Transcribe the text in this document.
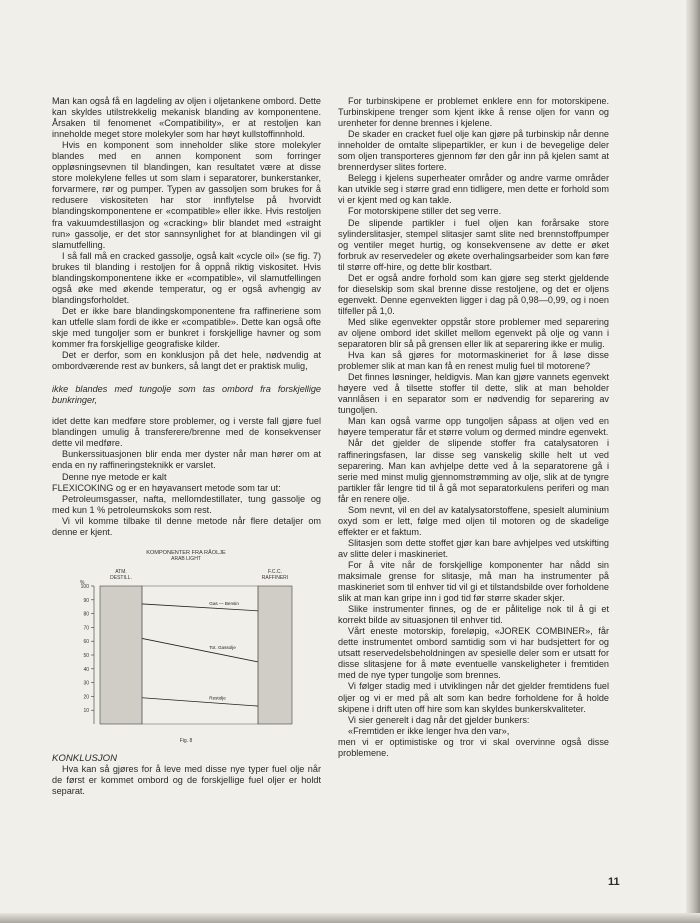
Man kan også få en lagdeling av oljen i oljetankene ombord. Dette kan skyldes utilstrekkelig mekanisk blanding av komponentene. Årsaken til fenomenet «Compatibility», er at restoljen kan inneholde meget store molekyler som har høyt kullstoffinnhold.

Hvis en komponent som inneholder slike store molekyler blandes med en annen komponent som forringer oppløsningsevnen til blandingen, kan resultatet være at disse store molekylene felles ut som slam i separatorer, bunkerstanker, forvarmere, rør og pumper. Typen av gassoljen som brukes for å redusere viskositeten har stor innflytelse på hvorvidt blandingskomponentene er «compatible» eller ikke. Hvis restoljen fra vakuumdestillasjon og «cracking» blir blandet med «straight run» gassolje, er det stor sannsynlighet for at blandingen vil gi slamutfelling.

I så fall må en cracked gassolje, også kalt «cycle oil» (se fig. 7) brukes til blanding i restoljen for å oppnå riktig viskositet. Hvis blandingskomponentene ikke er «compatible», vil slamutfellingen også øke med økende temperatur, og er også avhengig av blandingsforholdet.

Det er ikke bare blandingskomponentene fra raffineriene som kan utfelle slam fordi de ikke er «compatible». Dette kan også ofte skje med tungoljer som er bunkret i forskjellige havner og som kommer fra forskjellige geografiske kilder.

Det er derfor, som en konklusjon på det hele, nødvendig at ombordværende rest av bunkers, så langt det er praktisk mulig,

ikke blandes med tungolje som tas ombord fra forskjellige bunkringer,

idet dette kan medføre store problemer, og i verste fall gjøre fuel blandingen umulig å transferere/brenne med de konsekvenser dette vil medføre.

Bunkerssituasjonen blir enda mer dyster når man hører om at enda en ny raffineringsteknikk er varslet.

Denne nye metode er kalt

FLEXICOKING og er en høyavansert metode som tar ut:

Petroleumsgasser, nafta, mellomdestillater, tung gassolje og med kun 1 % petroleumskoks som rest.

Vi vil komme tilbake til denne metode når flere detaljer om denne er kjent.

KOMPONENTER FRA RÅOLJE
ARAB LIGHT
%
100
90
80
70
60
50
40
30
20
10
ATM.
DESTILL.
F.C.C.
RAFFINERI
Gas — Bensin
Tot. Gassolje
Restolje
Fig. 8

KONKLUSJON

Hva kan så gjøres for å leve med disse nye typer fuel olje når de først er kommet ombord og de forskjellige fuel oljer er holdt separat.

For turbinskipene er problemet enklere enn for motorskipene. Turbinskipene trenger som kjent ikke å rense oljen for vann og urenheter for denne brennes i kjelene.

De skader en cracket fuel olje kan gjøre på turbinskip når denne inneholder de omtalte slipepartikler, er kun i de bevegelige deler som oljen transporteres gjennom før den går inn på kjelen samt at brennerdyser slites fortere.

Belegg i kjelens superheater områder og andre varme områder kan utvikle seg i større grad enn tidligere, men dette er forhold som vi er kjent med og kan takle.

For motorskipene stiller det seg verre.

De slipende partikler i fuel oljen kan forårsake store sylinderslitasjer, stempel slitasjer samt slite ned brennstoffpumper og ventiler meget hurtig, og konsekvensene av dette er øket forbruk av reservedeler og økete overhalingsarbeider som kan føre til større off-hire, og dette blir kostbart.

Det er også andre forhold som kan gjøre seg sterkt gjeldende for dieselskip som skal brenne disse restoljene, og det er oljens egenvekt. Denne egenvekten ligger i dag på 0,98—0,99, og i noen tilfeller på 1,0.

Med slike egenvekter oppstår store problemer med separering av oljene ombord idet skillet mellom egenvekt på olje og vann i separatoren blir så på grensen eller lik at separering ikke er mulig.

Hva kan så gjøres for motormaskineriet for å løse disse problemer slik at man kan få en renest mulig fuel til motorene?

Det finnes løsninger, heldigvis. Man kan gjøre vannets egenvekt høyere ved å tilsette stoffer til dette, slik at man beholder vannlåsen i en separator som er nødvendig for separering av tungoljen.

Man kan også varme opp tungoljen såpass at oljen ved en høyere temperatur får et større volum og dermed mindre egenvekt.

Når det gjelder de slipende stoffer fra catalysatoren i raffineringsfasen, lar disse seg vanskelig skille helt ut ved separering. Man kan avhjelpe dette ved å la separatorene gå i serie med minst mulig gjennomstrømming av olje, slik at de tyngre partikler får lengre tid til å gå mot separatorkulens periferi og man får en renere olje.

Som nevnt, vil en del av katalysatorstoffene, spesielt aluminium oxyd som er lett, følge med oljen til motoren og de skadelige effekter er et faktum.

Slitasjen som dette stoffet gjør kan bare avhjelpes ved utskifting av slitte deler i maskineriet.

For å vite når de forskjellige komponenter har nådd sin maksimale grense for slitasje, må man ha instrumenter på maskineriet som til enhver tid vil gi et tilstandsbilde over forholdene slik at man kan gripe inn i god tid før større skader skjer.

Slike instrumenter finnes, og de er pålitelige nok til å gi et korrekt bilde av situasjonen til enhver tid.

Vårt eneste motorskip, foreløpig, «JOREK COMBINER», får dette instrumentet ombord samtidig som vi har budsjettert for og utsatt reservedelsbeholdningen av spesielle deler som er utsatt for disse slitasjene for å møte eventuelle vanskeligheter i fremtiden med de nye typer tungolje som brennes.

Vi følger stadig med i utviklingen når det gjelder fremtidens fuel oljer og vi er med på alt som kan bedre forholdene for å holde skipene i drift uten off hire som kan skyldes bunkerskvaliteter.

Vi sier generelt i dag når det gjelder bunkers:

«Fremtiden er ikke lenger hva den var»,

men vi er optimistiske og tror vi skal overvinne også disse problemene.

11
